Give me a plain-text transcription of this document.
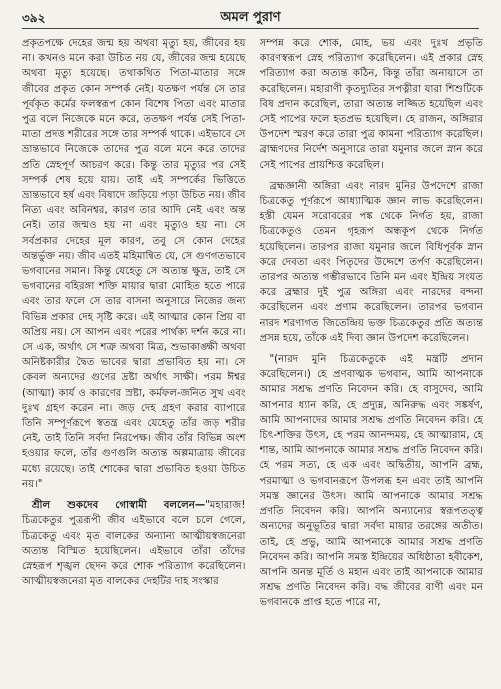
৩৯২	অমল পুরাণ

প্রকৃতপক্ষে দেহের জন্ম হয় অথবা মৃত্যু হয়, জীবের হয় না। কখনও মনে করা উচিত নয় যে, জীবের জন্ম হয়েছে অথবা মৃত্যু হয়েছে। তথাকথিত পিতা-মাতার সঙ্গে জীবের প্রকৃত কোন সম্পর্ক নেই। যতক্ষণ পর্যন্ত সে তার পূর্বকৃত কর্মের ফলস্বরূপ কোন বিশেষ পিতা এবং মাতার পুত্র বলে নিজেকে মনে করে, ততক্ষণ পর্যন্ত সেই পিতা-মাতা প্রদত্ত শরীরের সঙ্গে তার সম্পর্ক থাকে। এইভাবে সে ভ্রান্তভাবে নিজেকে তাদের পুত্র বলে মনে করে তাদের প্রতি স্নেহপূর্ণ আচরণ করে। কিন্তু তার মৃত্যুর পর সেই সম্পর্ক শেষ হয়ে যায়। তাই এই সম্পর্কের ভিত্তিতে ভ্রান্তভাবে হর্ষ এবং বিষাদে জড়িয়ে পড়া উচিত নয়। জীব নিত্য এবং অবিনশ্বর, কারণ তার আদি নেই এবং অন্ত নেই। তার জন্মও হয় না এবং মৃত্যুও হয় না। সে সর্বপ্রকার দেহের মূল কারণ, তবু সে কোন দেহের অন্তর্ভুক্ত নয়। জীব এতই মহিমান্বিত যে, সে গুণগতভাবে ভগবানের সমান। কিন্তু যেহেতু সে অত্যন্ত ক্ষুদ্র, তাই সে ভগবানের বহিরঙ্গা শক্তি মায়ার দ্বারা মোহিত হতে পারে এবং তার ফলে সে তার বাসনা অনুসারে নিজের জন্য বিভিন্ন প্রকার দেহ সৃষ্টি করে। এই আত্মার কোন প্রিয় বা অপ্রিয় নয়। সে আপন এবং পরের পার্থক্য দর্শন করে না। সে এক, অর্থাৎ সে শত্রু অথবা মিত্র, শুভাকাঙ্ক্ষী অথবা অনিষ্টকারীর দ্বৈত ভাবের দ্বারা প্রভাবিত হয় না। সে কেবল অন্যদের গুণের দ্রষ্টা অর্থাৎ সাক্ষী। পরম ঈশ্বর (আত্মা) কার্য ও কারণের স্রষ্টা, কর্মফল-জনিত সুখ এবং দুঃখ গ্রহণ করেন না। জড় দেহ গ্রহণ করার ব্যাপারে তিনি সম্পূর্ণরূপে স্বতন্ত্র এবং যেহেতু তাঁর জড় শরীর নেই, তাই তিনি সর্বদা নিরপেক্ষ। জীব তাঁর বিভিন্ন অংশ হওয়ার ফলে, তাঁর গুণগুলি অত্যন্ত অল্পমাত্রায় জীবের মধ্যে রয়েছে। তাই শোকের দ্বারা প্রভাবিত হওয়া উচিত নয়।"

শ্রীল শুকদেব গোস্বামী বললেন—"মহারাজ! চিত্রকেতুর পুত্ররূপী জীব এইভাবে বলে চলে গেলে, চিত্রকেতু এবং মৃত বালকের অন্যান্য আত্মীয়স্বজনেরা অত্যন্ত বিস্মিত হয়েছিলেন। এইভাবে তাঁরা তাঁদের স্নেহরূপ শৃঙ্খল ছেদন করে শোক পরিত্যাগ করেছিলেন। আত্মীয়স্বজনেরা মৃত বালকের দেহটির দাহ সংস্কার

সম্পন্ন করে শোক, মোহ, ভয় এবং দুঃখ প্রভৃতি কারণস্বরূপ স্নেহ পরিত্যাগ করেছিলেন। এই প্রকার স্নেহ পরিত্যাগ করা অত্যন্ত কঠিন, কিন্তু তাঁরা অনায়াসে তা করেছিলেন। মহারাণী কৃতদ্যুতির সপত্নীরা যারা শিশুটিকে বিষ প্রদান করেছিল, তারা অত্যন্ত লজ্জিত হয়েছিল এবং সেই পাপের ফলে হতপ্রভ হয়েছিল। হে রাজন, অঙ্গিরার উপদেশ স্মরণ করে তারা পুত্র কামনা পরিত্যাগ করেছিল। ব্রাহ্মণদের নির্দেশ অনুসারে তারা যমুনার জলে স্নান করে সেই পাপের প্রায়শ্চিত্ত করেছিল।

ব্রহ্মজ্ঞানী অঙ্গিরা এবং নারদ মুনির উপদেশে রাজা চিত্রকেতু পূর্ণরূপে আধ্যাত্মিক জ্ঞান লাভ করেছিলেন। হস্তী যেমন সরোবরের পঙ্ক থেকে নির্গত হয়, রাজা চিত্রকেতুও তেমন গৃহরূপ অন্ধকূপ থেকে নির্গত হয়েছিলেন। তারপর রাজা যমুনার জলে বিধিপূর্বক স্নান করে দেবতা এবং পিতৃদের উদ্দেশে তর্পণ করেছিলেন। তারপর অত্যন্ত গম্ভীরভাবে তিনি মন এবং ইন্দ্রিয় সংযত করে ব্রহ্মার দুই পুত্র অঙ্গিরা এবং নারদের বন্দনা করেছিলেন এবং প্রণাম করেছিলেন। তারপর ভগবান নারদ শরণাগত জিতেন্দ্রিয় ভক্ত চিত্রকেতুর প্রতি অত্যন্ত প্রসন্ন হয়ে, তাঁকে এই দিব্য জ্ঞান উপদেশ করেছিলেন।

"(নারদ মুনি চিত্রকেতুকে এই মন্ত্রটি প্রদান করেছিলেন।) হে প্রণবাত্মক ভগবান, আমি আপনাকে আমার সশ্রদ্ধ প্রণতি নিবেদন করি। হে বাসুদেব, আমি আপনার ধ্যান করি, হে প্রদ্যুম্ন, অনিরুদ্ধ এবং সঙ্কর্ষণ, আমি আপনাদের আমার সশ্রদ্ধ প্রণতি নিবেদন করি। হে চিৎ-শক্তির উৎস, হে পরম আনন্দময়, হে আত্মারাম, হে শান্ত, আমি আপনাকে আমার সশ্রদ্ধ প্রণতি নিবেদন করি। হে পরম সত্য, হে এক এবং অদ্বিতীয়, আপনি ব্রহ্ম, পরমাত্মা ও ভগবানরূপে উপলব্ধ হন এবং তাই আপনি সমস্ত জ্ঞানের উৎস। আমি আপনাকে আমার সশ্রদ্ধ প্রণতি নিবেদন করি। আপনি অন্যান্যের স্বরূপতত্ত্ব অন্যদের অনুভূতির দ্বারা সর্বদা মায়ার তরঙ্গের অতীত। তাই, হে প্রভু, আমি আপনাকে আমার সশ্রদ্ধ প্রণতি নিবেদন করি। আপনি সমস্ত ইন্দ্রিয়ের অধিষ্ঠাতা হবীকেশ, আপনি অনন্ত মূর্তি ও মহান এবং তাই আপনাকে আমার সশ্রদ্ধ প্রণতি নিবেদন করি। বদ্ধ জীবের বাণী এবং মন ভগবানকে প্রাপ্ত হতে পারে না,
